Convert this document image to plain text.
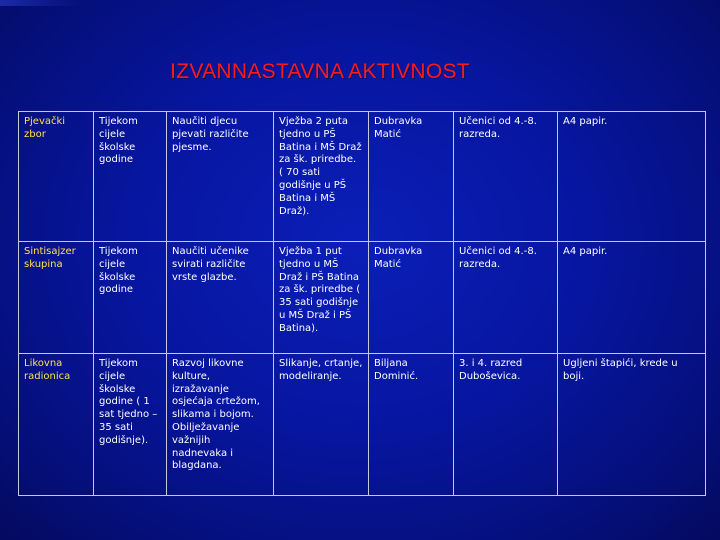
IZVANNASTAVNA AKTIVNOST
Pjevački zbor	Tijekom cijele školske godine	Naučiti djecu pjevati različite pjesme.	Vježba 2 puta tjedno u PŠ Batina i MŠ Draž za šk. priredbe. ( 70 sati godišnje u PŠ Batina i MŠ Draž).	Dubravka Matić	Učenici od 4.-8. razreda.	A4 papir.
Sintisajzer skupina	Tijekom cijele školske godine	Naučiti učenike svirati različite vrste glazbe.	Vježba 1 put tjedno u MŠ Draž i PŠ Batina za šk. priredbe ( 35 sati godišnje u MŠ Draž i PŠ Batina).	Dubravka Matić	Učenici od 4.-8. razreda.	A4 papir.
Likovna radionica	Tijekom cijele školske godine ( 1 sat tjedno – 35 sati godišnje).	Razvoj likovne kulture, izražavanje osjećaja crtežom, slikama i bojom. Obilježavanje važnijih nadnevaka i blagdana.	Slikanje, crtanje, modeliranje.	Biljana Dominić.	3. i 4. razred Duboševica.	Ugljeni štapići, krede u boji.
